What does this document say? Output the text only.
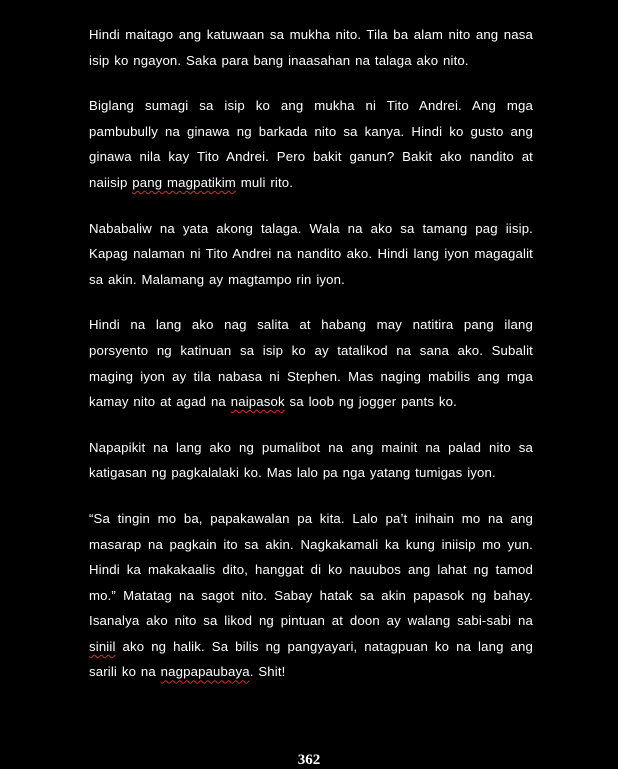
Hindi maitago ang katuwaan sa mukha nito. Tila ba alam nito ang nasa isip ko ngayon. Saka para bang inaasahan na talaga ako nito.

Biglang sumagi sa isip ko ang mukha ni Tito Andrei. Ang mga pambubully na ginawa ng barkada nito sa kanya. Hindi ko gusto ang ginawa nila kay Tito Andrei. Pero bakit ganun? Bakit ako nandito at naiisip pang magpatikim muli rito.

Nababaliw na yata akong talaga. Wala na ako sa tamang pag iisip. Kapag nalaman ni Tito Andrei na nandito ako. Hindi lang iyon magagalit sa akin. Malamang ay magtampo rin iyon.

Hindi na lang ako nag salita at habang may natitira pang ilang porsyento ng katinuan sa isip ko ay tatalikod na sana ako. Subalit maging iyon ay tila nabasa ni Stephen. Mas naging mabilis ang mga kamay nito at agad na naipasok sa loob ng jogger pants ko.

Napapikit na lang ako ng pumalibot na ang mainit na palad nito sa katigasan ng pagkalalaki ko. Mas lalo pa nga yatang tumigas iyon.

“Sa tingin mo ba, papakawalan pa kita. Lalo pa’t inihain mo na ang masarap na pagkain ito sa akin. Nagkakamali ka kung iniisip mo yun. Hindi ka makakaalis dito, hanggat di ko nauubos ang lahat ng tamod mo.” Matatag na sagot nito. Sabay hatak sa akin papasok ng bahay. Isanalya ako nito sa likod ng pintuan at doon ay walang sabi-sabi na siniil ako ng halik. Sa bilis ng pangyayari, natagpuan ko na lang ang sarili ko na nagpapaubaya. Shit!

362
